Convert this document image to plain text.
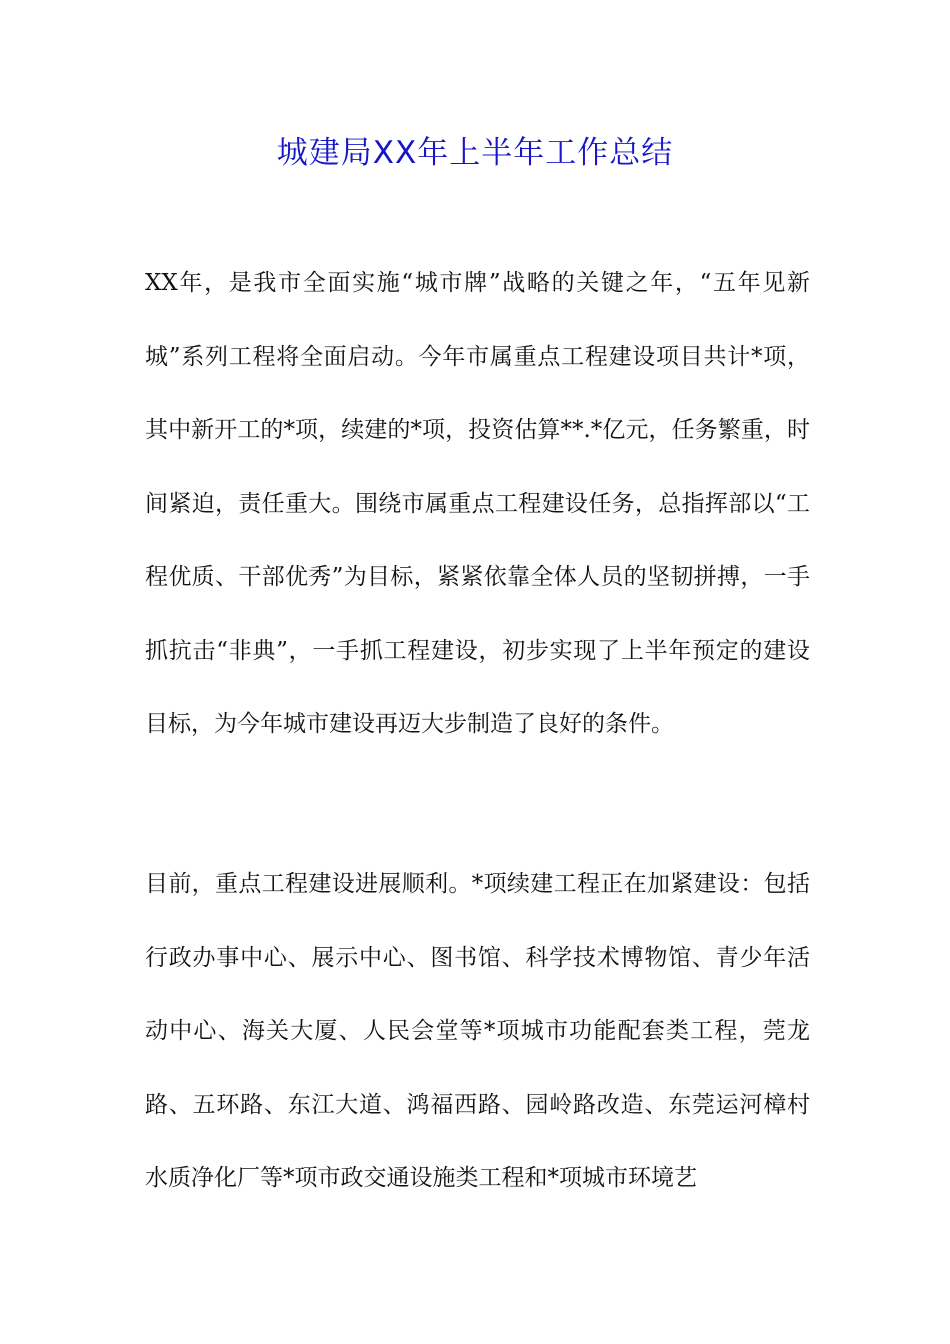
城建局XX年上半年工作总结

XX年，是我市全面实施“城市牌”战略的关键之年，“五年见新城”系列工程将全面启动。今年市属重点工程建设项目共计*项，其中新开工的*项，续建的*项，投资估算**.*亿元，任务繁重，时间紧迫，责任重大。围绕市属重点工程建设任务，总指挥部以“工程优质、干部优秀”为目标，紧紧依靠全体人员的坚韧拼搏，一手抓抗击“非典”，一手抓工程建设，初步实现了上半年预定的建设目标，为今年城市建设再迈大步制造了良好的条件。

目前，重点工程建设进展顺利。*项续建工程正在加紧建设：包括行政办事中心、展示中心、图书馆、科学技术博物馆、青少年活动中心、海关大厦、人民会堂等*项城市功能配套类工程，莞龙路、五环路、东江大道、鸿福西路、园岭路改造、东莞运河樟村水质净化厂等*项市政交通设施类工程和*项城市环境艺
